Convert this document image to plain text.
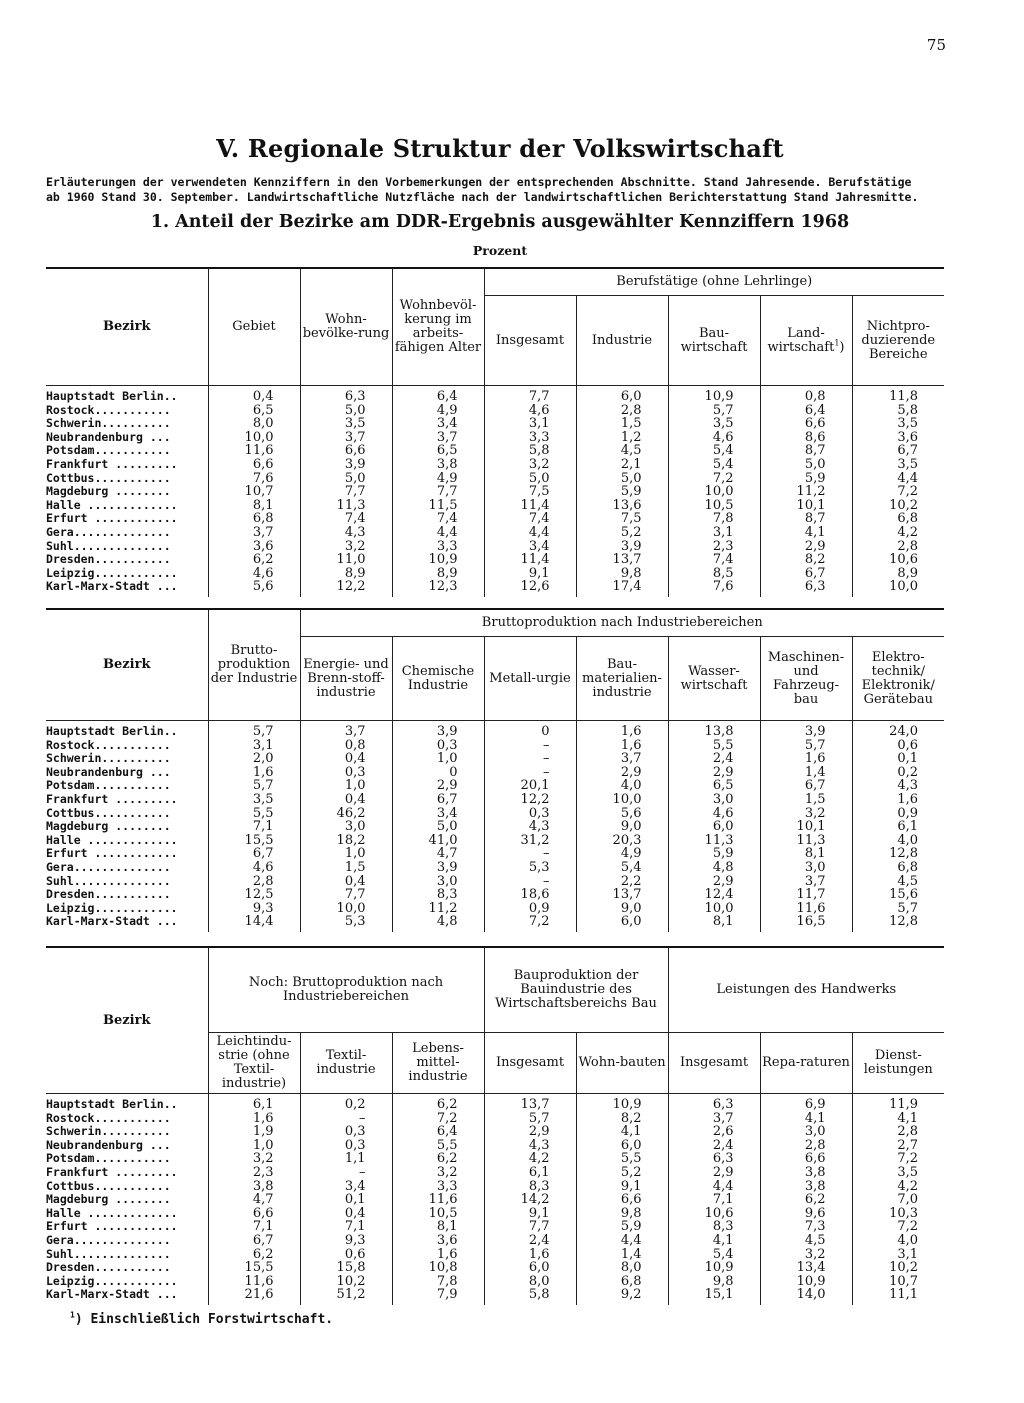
75
V. Regionale Struktur der Volkswirtschaft
Erläuterungen der verwendeten Kennziffern in den Vorbemerkungen der entsprechenden Abschnitte. Stand Jahresende. Berufstätige
ab 1960 Stand 30. September. Landwirtschaftliche Nutzfläche nach der landwirtschaftlichen Berichterstattung Stand Jahresmitte.
1. Anteil der Bezirke am DDR-Ergebnis ausgewählter Kennziffern 1968
Prozent
Bezirk	Gebiet	Wohn-bevölke-rung	Wohnbevöl-kerung im arbeits-fähigen Alter	Berufstätige (ohne Lehrlinge)				
				Insgesamt	Industrie	Bau-wirtschaft	Land-wirtschaft$^1$)	Nichtpro-duzierende Bereiche
Hauptstadt Berlin..	0,4	6,3	6,4	7,7	6,0	10,9	0,8	11,8
Rostock...........	6,5	5,0	4,9	4,6	2,8	5,7	6,4	5,8
Schwerin..........	8,0	3,5	3,4	3,1	1,5	3,5	6,6	3,5
Neubrandenburg ...	10,0	3,7	3,7	3,3	1,2	4,6	8,6	3,6
Potsdam...........	11,6	6,6	6,5	5,8	4,5	5,4	8,7	6,7
Frankfurt .........	6,6	3,9	3,8	3,2	2,1	5,4	5,0	3,5
Cottbus...........	7,6	5,0	4,9	5,0	5,0	7,2	5,9	4,4
Magdeburg ........	10,7	7,7	7,7	7,5	5,9	10,0	11,2	7,2
Halle .............	8,1	11,3	11,5	11,4	13,6	10,5	10,1	10,2
Erfurt ............	6,8	7,4	7,4	7,4	7,5	7,8	8,7	6,8
Gera..............	3,7	4,3	4,4	4,4	5,2	3,1	4,1	4,2
Suhl..............	3,6	3,2	3,3	3,4	3,9	2,3	2,9	2,8
Dresden...........	6,2	11,0	10,9	11,4	13,7	7,4	8,2	10,6
Leipzig............	4,6	8,9	8,9	9,1	9,8	8,5	6,7	8,9
Karl-Marx-Stadt ...	5,6	12,2	12,3	12,6	17,4	7,6	6,3	10,0
Bezirk	Brutto-produktion der Industrie	Bruttoproduktion nach Industriebereichen						
		Energie- und Brenn-stoff-industrie	Chemische Industrie	Metall-urgie	Bau-materialien-industrie	Wasser-wirtschaft	Maschinen- und Fahrzeug-bau	Elektro-technik/ Elektronik/ Gerätebau
Hauptstadt Berlin..	5,7	3,7	3,9	0	1,6	13,8	3,9	24,0
Rostock...........	3,1	0,8	0,3	–	1,6	5,5	5,7	0,6
Schwerin..........	2,0	0,4	1,0	–	3,7	2,4	1,6	0,1
Neubrandenburg ...	1,6	0,3	0	–	2,9	2,9	1,4	0,2
Potsdam...........	5,7	1,0	2,9	20,1	4,0	6,5	6,7	4,3
Frankfurt .........	3,5	0,4	6,7	12,2	10,0	3,0	1,5	1,6
Cottbus...........	5,5	46,2	3,4	0,3	5,6	4,6	3,2	0,9
Magdeburg ........	7,1	3,0	5,0	4,3	9,0	6,0	10,1	6,1
Halle .............	15,5	18,2	41,0	31,2	20,3	11,3	11,3	4,0
Erfurt ............	6,7	1,0	4,7	–	4,9	5,9	8,1	12,8
Gera..............	4,6	1,5	3,9	5,3	5,4	4,8	3,0	6,8
Suhl..............	2,8	0,4	3,0	–	2,2	2,9	3,7	4,5
Dresden...........	12,5	7,7	8,3	18,6	13,7	12,4	11,7	15,6
Leipzig............	9,3	10,0	11,2	0,9	9,0	10,0	11,6	5,7
Karl-Marx-Stadt ...	14,4	5,3	4,8	7,2	6,0	8,1	16,5	12,8
Bezirk	Noch: Bruttoproduktion nach Industriebereichen			Bauproduktion der Bauindustrie des Wirtschaftsbereichs Bau		Leistungen des Handwerks		
	Leichtindu-strie (ohne Textil-industrie)	Textil-industrie	Lebens-mittel-industrie	Insgesamt	Wohn-bauten	Insgesamt	Repa-raturen	Dienst-leistungen
Hauptstadt Berlin..	6,1	0,2	6,2	13,7	10,9	6,3	6,9	11,9
Rostock...........	1,6	–	7,2	5,7	8,2	3,7	4,1	4,1
Schwerin..........	1,9	0,3	6,4	2,9	4,1	2,6	3,0	2,8
Neubrandenburg ...	1,0	0,3	5,5	4,3	6,0	2,4	2,8	2,7
Potsdam...........	3,2	1,1	6,2	4,2	5,5	6,3	6,6	7,2
Frankfurt .........	2,3	–	3,2	6,1	5,2	2,9	3,8	3,5
Cottbus...........	3,8	3,4	3,3	8,3	9,1	4,4	3,8	4,2
Magdeburg ........	4,7	0,1	11,6	14,2	6,6	7,1	6,2	7,0
Halle .............	6,6	0,4	10,5	9,1	9,8	10,6	9,6	10,3
Erfurt ............	7,1	7,1	8,1	7,7	5,9	8,3	7,3	7,2
Gera..............	6,7	9,3	3,6	2,4	4,4	4,1	4,5	4,0
Suhl..............	6,2	0,6	1,6	1,6	1,4	5,4	3,2	3,1
Dresden...........	15,5	15,8	10,8	6,0	8,0	10,9	13,4	10,2
Leipzig............	11,6	10,2	7,8	8,0	6,8	9,8	10,9	10,7
Karl-Marx-Stadt ...	21,6	51,2	7,9	5,8	9,2	15,1	14,0	11,1
$^1$) Einschließlich Forstwirtschaft.
